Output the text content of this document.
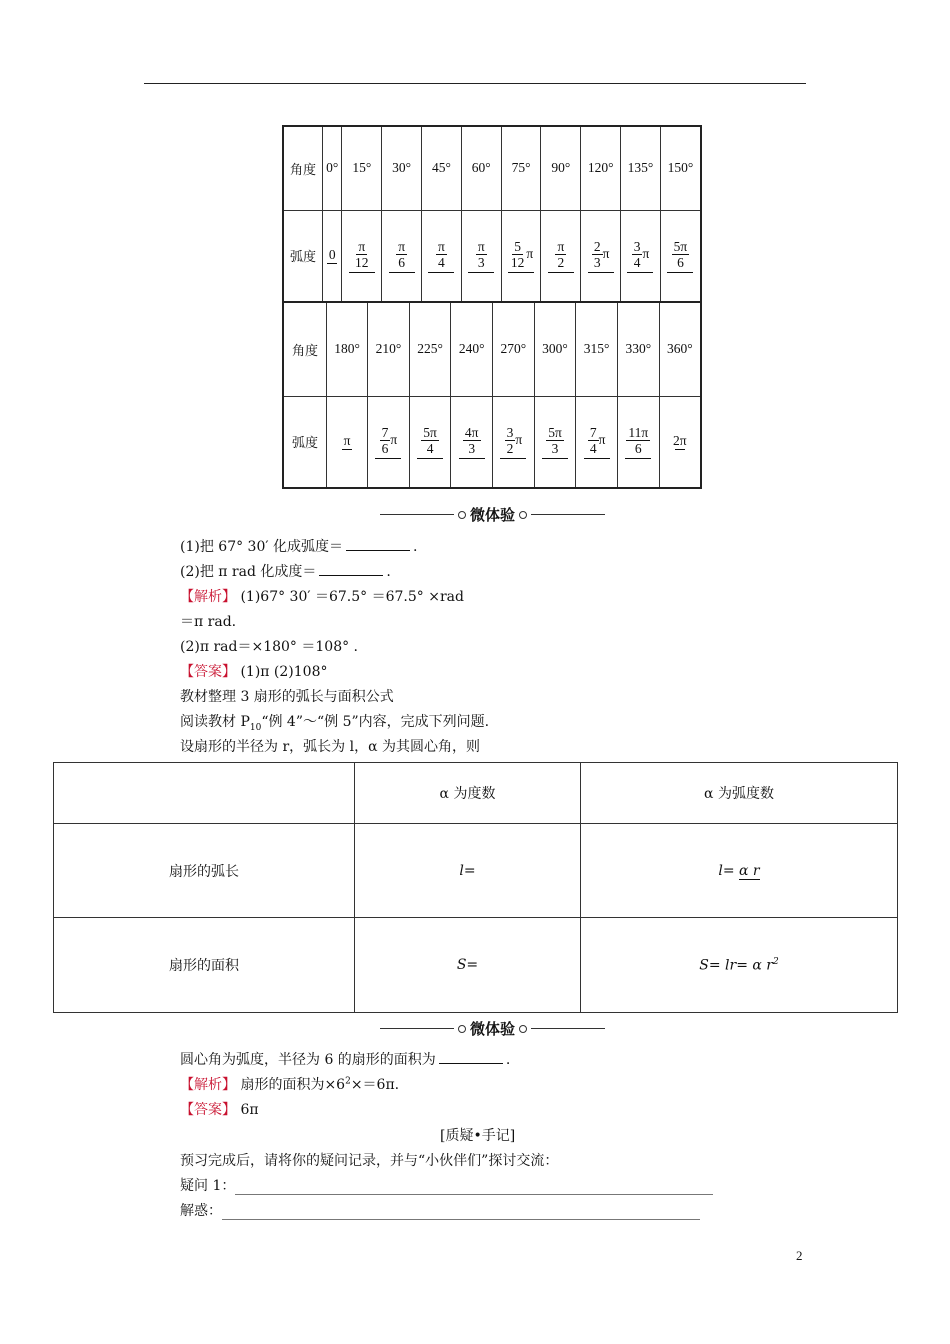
角度	0°	15°	30°	45°	60°	75°	90°	120°	135°	150°
弧度	0	$\frac{\pi}{12}$	$\frac{\pi}{6}$	$\frac{\pi}{4}$	$\frac{\pi}{3}$	$\frac{5}{12}$ π	$\frac{\pi}{2}$	$\frac{2}{3}$ π	$\frac{3}{4}$ π	$\frac{5\pi}{6}$
角度	180°	210°	225°	240°	270°	300°	315°	330°	360°
弧度	π	$\frac{7}{6}$ π	$\frac{5\pi}{4}$	$\frac{4\pi}{3}$	$\frac{3}{2}$ π	$\frac{5\pi}{3}$	$\frac{7}{4}$ π	$\frac{11\pi}{6}$	2π
微体验
(1)把 67° 30′ 化成弧度＝	.
(2)把 π rad 化成度＝	.
【解析】 (1)67° 30′ ＝67.5° ＝67.5° ×rad
＝π rad.
(2)π rad＝×180° ＝108° .
【答案】 (1)π (2)108°
教材整理 3 扇形的弧长与面积公式
阅读教材 $P_{10}“$例 4”～“例 5”内容，完成下列问题.
设扇形的半径为 r，弧长为 l，α 为其圆心角，则
	α 为度数	α 为弧度数
扇形的弧长	l=	l= α r
扇形的面积	S=	S= lr= α $r^2$
微体验
圆心角为弧度，半径为 6 的扇形的面积为	.
【解析】 扇形的面积为$\times 6^2\times=6\pi$.
【答案】 6π
[质疑•手记]
预习完成后，请将你的疑问记录，并与“小伙伴们”探讨交流：
疑问 1：
解惑：
2
